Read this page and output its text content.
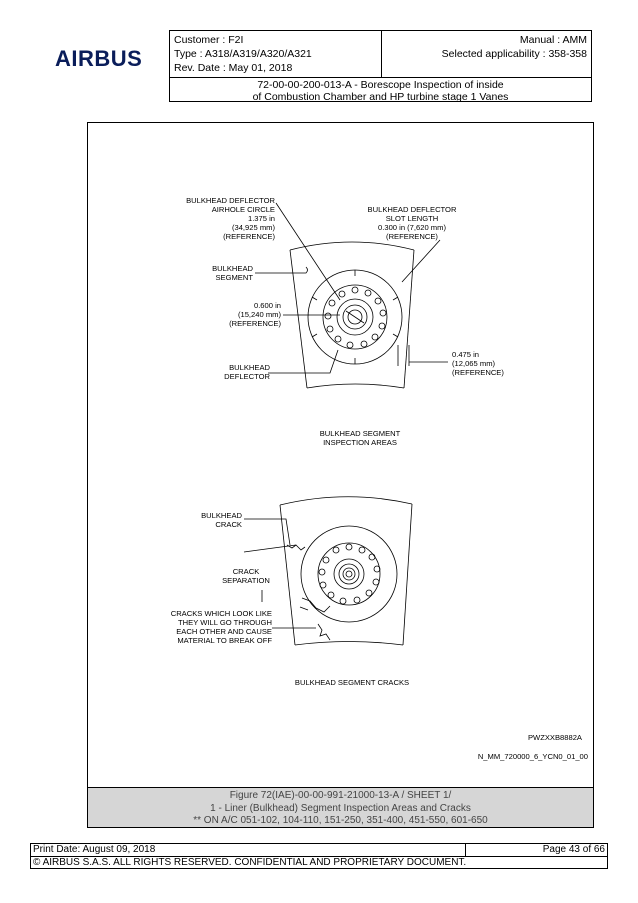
AIRBUS
Customer : F2I
Type : A318/A319/A320/A321
Rev. Date : May 01, 2018
Manual : AMM
Selected applicability : 358-358
72-00-00-200-013-A - Borescope Inspection of inside
of Combustion Chamber and HP turbine stage 1 Vanes
BULKHEAD DEFLECTOR
AIRHOLE CIRCLE
1.375 in
(34,925 mm)
(REFERENCE)
BULKHEAD
SEGMENT
0.600 in
(15,240 mm)
(REFERENCE)
BULKHEAD
DEFLECTOR
BULKHEAD DEFLECTOR
SLOT LENGTH
0.300 in (7,620 mm)
(REFERENCE)
BULKHEAD SEGMENT
INSPECTION AREAS
BULKHEAD SEGMENT CRACKS
0.475 in
(12,065 mm)
(REFERENCE)
BULKHEAD
CRACK
CRACKS WHICH LOOK LIKE
THEY WILL GO THROUGH
EACH OTHER AND CAUSE
MATERIAL TO BREAK OFF
PWZXXB8882A
N_MM_720000_6_YCN0_01_00
CRACK
SEPARATION
Figure 72(IAE)-00-00-991-21000-13-A / SHEET 1/
1 - Liner (Bulkhead) Segment Inspection Areas and Cracks
** ON A/C 051-102, 104-110, 151-250, 351-400, 451-550, 601-650
Print Date: August 09, 2018	Page 43 of 66
© AIRBUS S.A.S. ALL RIGHTS RESERVED. CONFIDENTIAL AND PROPRIETARY DOCUMENT.
